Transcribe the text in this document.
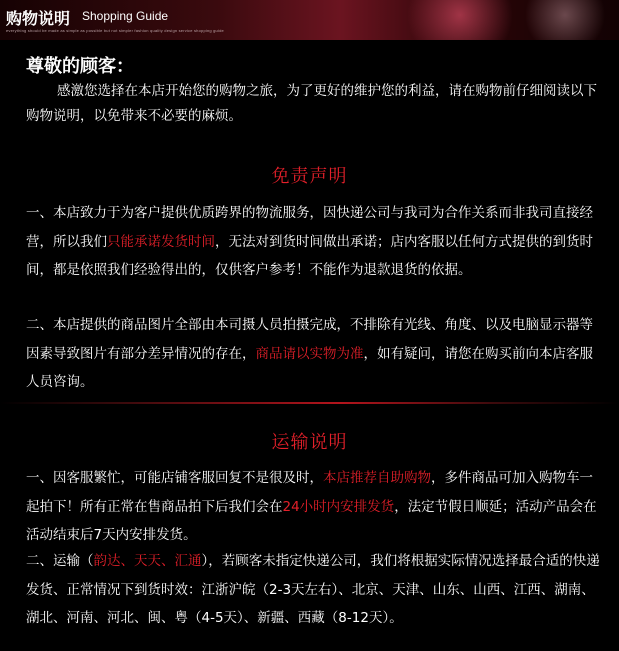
购物说明 Shopping Guide
everything should be made as simple as possible but not simpler fashion quality design service shopping guide
尊敬的顾客：
感激您选择在本店开始您的购物之旅，为了更好的维护您的利益，请在购物前仔细阅读以下购物说明，以免带来不必要的麻烦。
免责声明
一、本店致力于为客户提供优质跨界的物流服务，因快递公司与我司为合作关系而非我司直接经营，所以我们只能承诺发货时间，无法对到货时间做出承诺；店内客服以任何方式提供的到货时间，都是依照我们经验得出的，仅供客户参考！不能作为退款退货的依据。
二、本店提供的商品图片全部由本司摄人员拍摄完成，不排除有光线、角度、以及电脑显示器等因素导致图片有部分差异情况的存在，商品请以实物为准，如有疑问，请您在购买前向本店客服人员咨询。
运输说明
一、因客服繁忙，可能店铺客服回复不是很及时，本店推荐自助购物，多件商品可加入购物车一起拍下！所有正常在售商品拍下后我们会在24小时内安排发货，法定节假日顺延；活动产品会在活动结束后7天内安排发货。
二、运输（韵达、天天、汇通），若顾客未指定快递公司，我们将根据实际情况选择最合适的快递发货、正常情况下到货时效：江浙沪皖（2-3天左右）、北京、天津、山东、山西、江西、湖南、湖北、河南、河北、闽、粤（4-5天）、新疆、西藏（8-12天）。
